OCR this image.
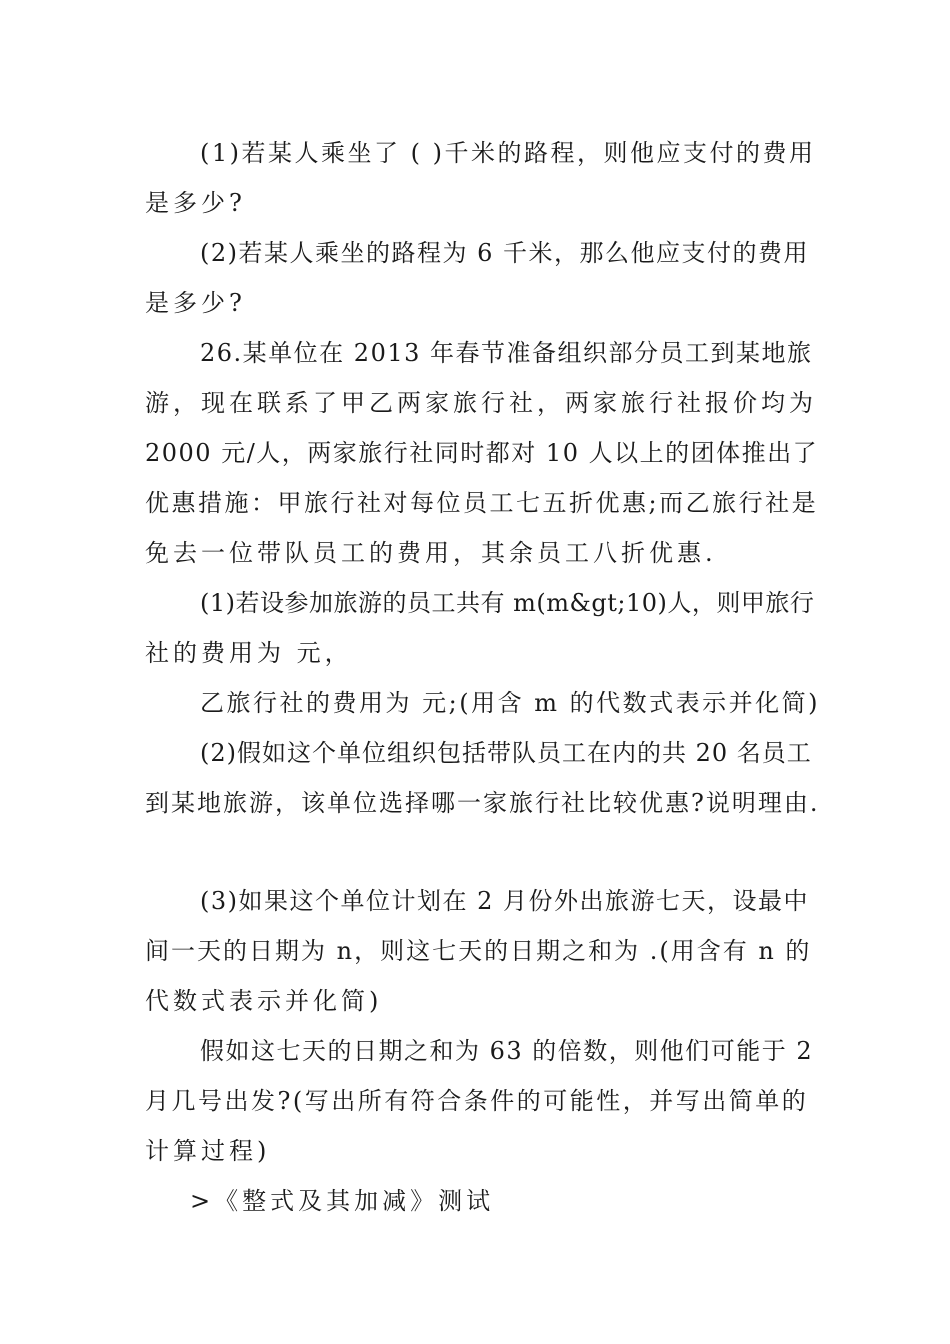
(1)若某人乘坐了 ( )千米的路程，则他应支付的费用
是多少?
(2)若某人乘坐的路程为 6 千米，那么他应支付的费用
是多少?
26.某单位在 2013 年春节准备组织部分员工到某地旅
游，现在联系了甲乙两家旅行社，两家旅行社报价均为
2000 元/人，两家旅行社同时都对 10 人以上的团体推出了
优惠措施：甲旅行社对每位员工七五折优惠;而乙旅行社是
免去一位带队员工的费用，其余员工八折优惠.
(1)若设参加旅游的员工共有 m(m&gt;10)人，则甲旅行
社的费用为 元，
乙旅行社的费用为 元;(用含 m 的代数式表示并化简)
(2)假如这个单位组织包括带队员工在内的共 20 名员工
到某地旅游，该单位选择哪一家旅行社比较优惠?说明理由.
(3)如果这个单位计划在 2 月份外出旅游七天，设最中
间一天的日期为 n，则这七天的日期之和为 .(用含有 n 的
代数式表示并化简)
假如这七天的日期之和为 63 的倍数，则他们可能于 2
月几号出发?(写出所有符合条件的可能性，并写出简单的
计算过程)
>《整式及其加减》测试
